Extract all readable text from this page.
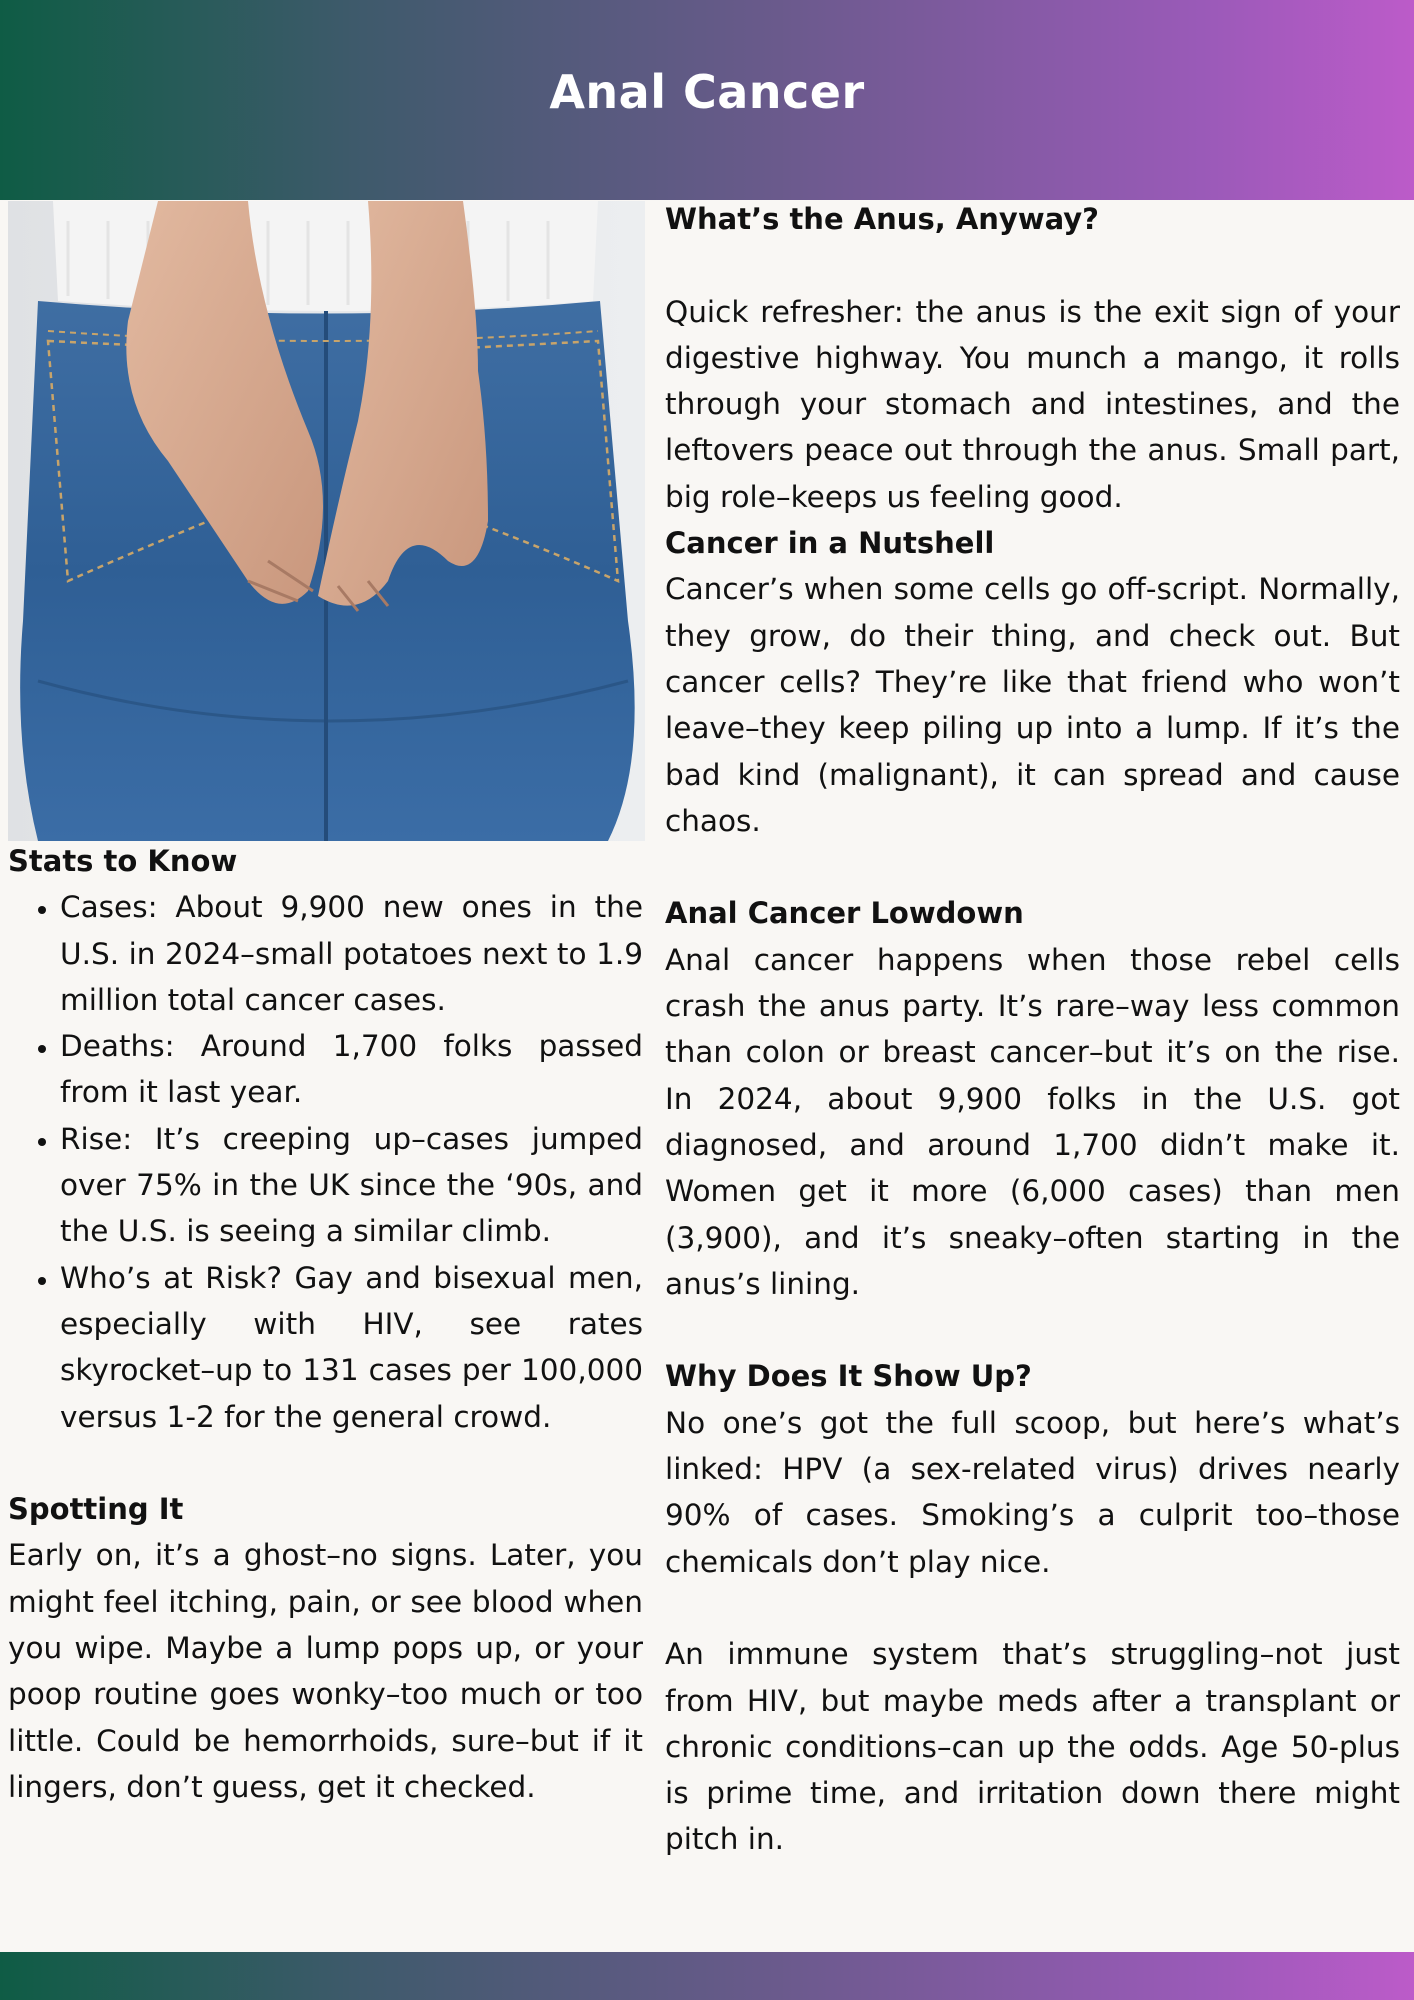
Anal Cancer
Stats to Know
• Cases: About 9,900 new ones in the U.S. in 2024–small potatoes next to 1.9 million total cancer cases.
• Deaths: Around 1,700 folks passed from it last year.
• Rise: It’s creeping up–cases jumped over 75% in the UK since the ‘90s, and the U.S. is seeing a similar climb.
• Who’s at Risk? Gay and bisexual men, especially with HIV, see rates skyrocket–up to 131 cases per 100,000 versus 1-2 for the general crowd.
Spotting It

Early on, it’s a ghost–no signs. Later, you might feel itching, pain, or see blood when you wipe. Maybe a lump pops up, or your poop routine goes wonky–too much or too little. Could be hemorrhoids, sure–but if it lingers, don’t guess, get it checked.

What’s the Anus, Anyway?

Quick refresher: the anus is the exit sign of your digestive highway. You munch a mango, it rolls through your stomach and intestines, and the leftovers peace out through the anus. Small part, big role–keeps us feeling good.

Cancer in a Nutshell

Cancer’s when some cells go off-script. Normally, they grow, do their thing, and check out. But cancer cells? They’re like that friend who won’t leave–they keep piling up into a lump. If it’s the bad kind (malignant), it can spread and cause chaos.

Anal Cancer Lowdown

Anal cancer happens when those rebel cells crash the anus party. It’s rare–way less common than colon or breast cancer–but it’s on the rise. In 2024, about 9,900 folks in the U.S. got diagnosed, and around 1,700 didn’t make it. Women get it more (6,000 cases) than men (3,900), and it’s sneaky–often starting in the anus’s lining.

Why Does It Show Up?

No one’s got the full scoop, but here’s what’s linked: HPV (a sex-related virus) drives nearly 90% of cases. Smoking’s a culprit too–those chemicals don’t play nice.

An immune system that’s struggling–not just from HIV, but maybe meds after a transplant or chronic conditions–can up the odds. Age 50-plus is prime time, and irritation down there might pitch in.
